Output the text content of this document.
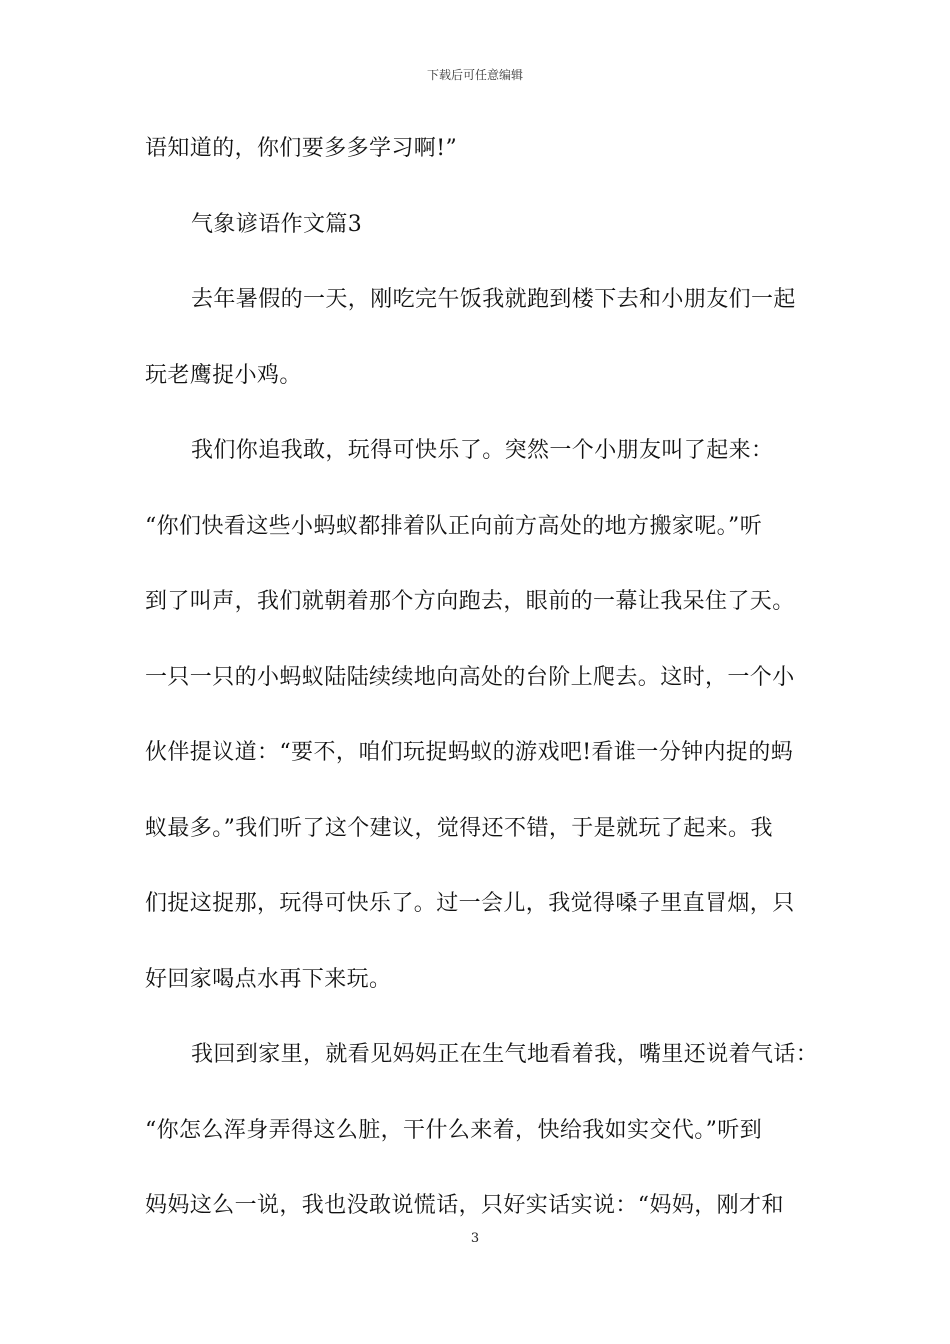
下载后可任意编辑
语知道的，你们要多多学习啊!”
气象谚语作文篇3
去年暑假的一天，刚吃完午饭我就跑到楼下去和小朋友们一起
玩老鹰捉小鸡。
我们你追我敢，玩得可快乐了。突然一个小朋友叫了起来：
“你们快看这些小蚂蚁都排着队正向前方高处的地方搬家呢。”听
到了叫声，我们就朝着那个方向跑去，眼前的一幕让我呆住了天。
一只一只的小蚂蚁陆陆续续地向高处的台阶上爬去。这时，一个小
伙伴提议道：“要不，咱们玩捉蚂蚁的游戏吧!看谁一分钟内捉的蚂
蚁最多。”我们听了这个建议，觉得还不错，于是就玩了起来。我
们捉这捉那，玩得可快乐了。过一会儿，我觉得嗓子里直冒烟，只
好回家喝点水再下来玩。
我回到家里，就看见妈妈正在生气地看着我，嘴里还说着气话：
“你怎么浑身弄得这么脏，干什么来着，快给我如实交代。”听到
妈妈这么一说，我也没敢说慌话，只好实话实说：“妈妈，刚才和
3
